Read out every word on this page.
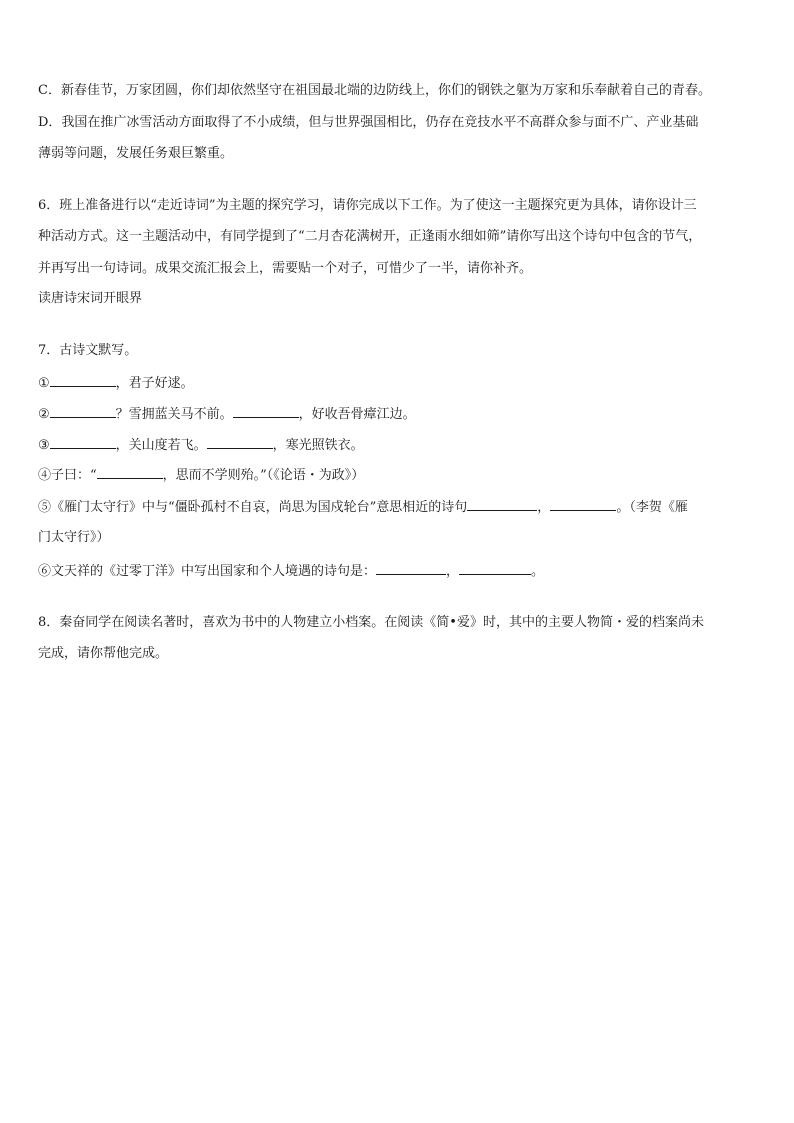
C．新春佳节，万家团圆，你们却依然坚守在祖国最北端的边防线上，你们的钢铁之躯为万家和乐奉献着自己的青春。
D．我国在推广冰雪活动方面取得了不小成绩，但与世界强国相比，仍存在竞技水平不高群众参与面不广、产业基础
薄弱等问题，发展任务艰巨繁重。
6．班上准备进行以“走近诗词”为主题的探究学习，请你完成以下工作。为了使这一主题探究更为具体，请你设计三
种活动方式。这一主题活动中，有同学提到了“二月杏花满树开，正逢雨水细如筛”请你写出这个诗句中包含的节气，
并再写出一句诗词。成果交流汇报会上，需要贴一个对子，可惜少了一半，请你补齐。
读唐诗宋词开眼界
7．古诗文默写。
①	，君子好逑。
②	？雪拥蓝关马不前。	，好收吾骨瘴江边。
③	，关山度若飞。	，寒光照铁衣。
④子曰：“	，思而不学则殆。”（《论语・为政》）
⑤《雁门太守行》中与“僵卧孤村不自哀，尚思为国戍轮台”意思相近的诗句	，	。（李贺《雁
门太守行》）
⑥文天祥的《过零丁洋》中写出国家和个人境遇的诗句是：	，	。
8．秦奋同学在阅读名著时，喜欢为书中的人物建立小档案。在阅读《简•爱》时，其中的主要人物简・爱的档案尚未
完成，请你帮他完成。
